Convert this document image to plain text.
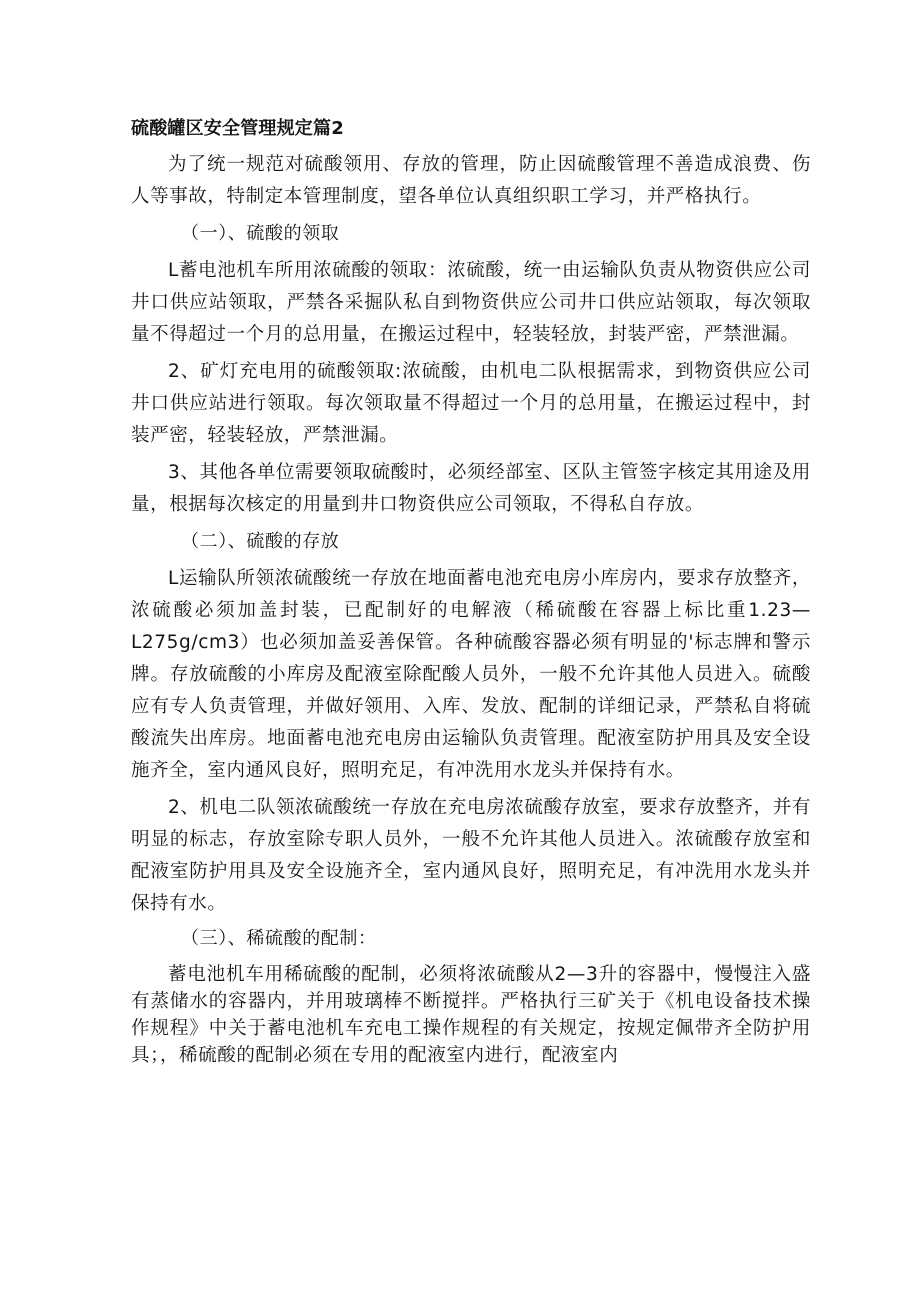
硫酸罐区安全管理规定篇2

为了统一规范对硫酸领用、存放的管理，防止因硫酸管理不善造成浪费、伤人等事故，特制定本管理制度，望各单位认真组织职工学习，并严格执行。

（一）、硫酸的领取

L蓄电池机车所用浓硫酸的领取：浓硫酸，统一由运输队负责从物资供应公司井口供应站领取，严禁各采掘队私自到物资供应公司井口供应站领取，每次领取量不得超过一个月的总用量，在搬运过程中，轻装轻放，封装严密，严禁泄漏。

2、矿灯充电用的硫酸领取:浓硫酸，由机电二队根据需求，到物资供应公司井口供应站进行领取。每次领取量不得超过一个月的总用量，在搬运过程中，封装严密，轻装轻放，严禁泄漏。

3、其他各单位需要领取硫酸时，必须经部室、区队主管签字核定其用途及用量，根据每次核定的用量到井口物资供应公司领取，不得私自存放。

（二）、硫酸的存放

L运输队所领浓硫酸统一存放在地面蓄电池充电房小库房内，要求存放整齐，浓硫酸必须加盖封装，已配制好的电解液（稀硫酸在容器上标比重1.23—L275g∕cm3）也必须加盖妥善保管。各种硫酸容器必须有明显的'标志牌和警示牌。存放硫酸的小库房及配液室除配酸人员外，一般不允许其他人员进入。硫酸应有专人负责管理，并做好领用、入库、发放、配制的详细记录，严禁私自将硫酸流失出库房。地面蓄电池充电房由运输队负责管理。配液室防护用具及安全设施齐全，室内通风良好，照明充足，有冲洗用水龙头并保持有水。

2、机电二队领浓硫酸统一存放在充电房浓硫酸存放室，要求存放整齐，并有明显的标志，存放室除专职人员外，一般不允许其他人员进入。浓硫酸存放室和配液室防护用具及安全设施齐全，室内通风良好，照明充足，有冲洗用水龙头并保持有水。

（三）、稀硫酸的配制：

蓄电池机车用稀硫酸的配制，必须将浓硫酸从2—3升的容器中，慢慢注入盛有蒸储水的容器内，并用玻璃棒不断搅拌。严格执行三矿关于《机电设备技术操作规程》中关于蓄电池机车充电工操作规程的有关规定，按规定佩带齐全防护用具；，稀硫酸的配制必须在专用的配液室内进行，配液室内
